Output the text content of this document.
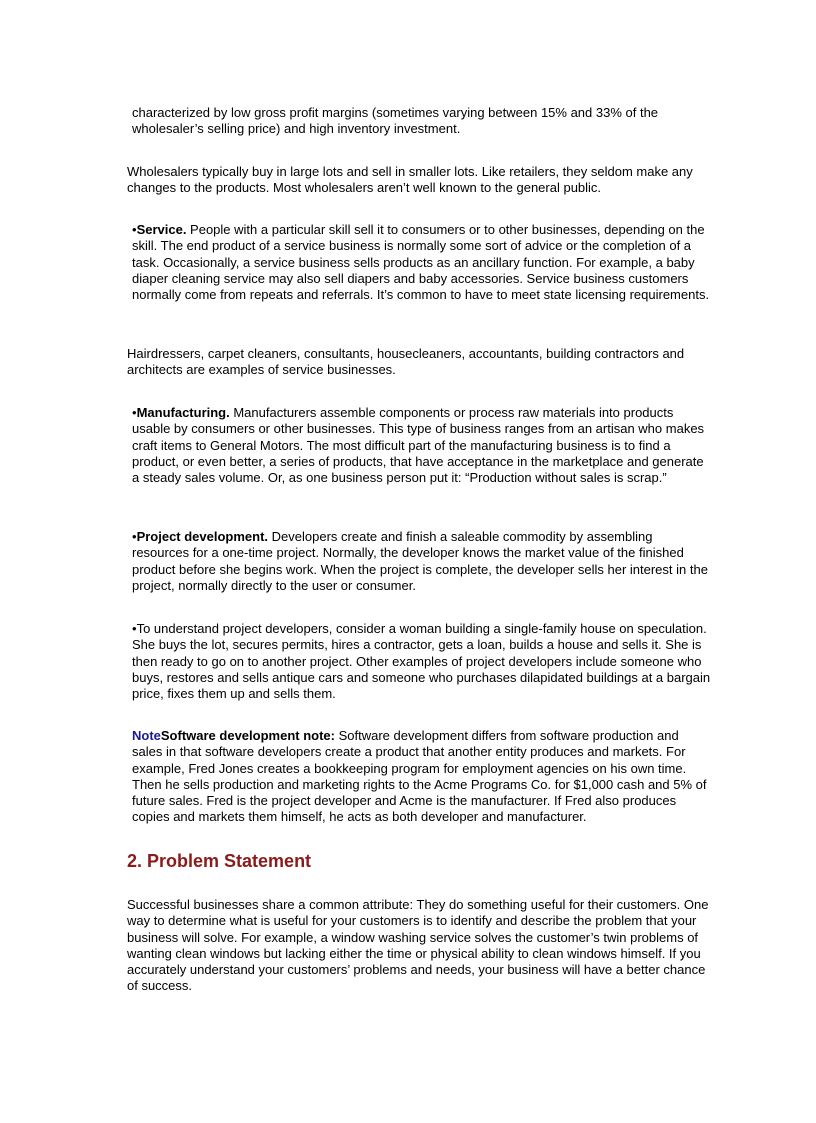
characterized by low gross profit margins (sometimes varying between 15% and 33% of the wholesaler’s selling price) and high inventory investment.

Wholesalers typically buy in large lots and sell in smaller lots. Like retailers, they seldom make any changes to the products. Most wholesalers aren’t well known to the general public.

•Service. People with a particular skill sell it to consumers or to other businesses, depending on the skill. The end product of a service business is normally some sort of advice or the completion of a task. Occasionally, a service business sells products as an ancillary function. For example, a baby diaper cleaning service may also sell diapers and baby accessories. Service business customers normally come from repeats and referrals. It’s common to have to meet state licensing requirements.

Hairdressers, carpet cleaners, consultants, housecleaners, accountants, building contractors and architects are examples of service businesses.

•Manufacturing. Manufacturers assemble components or process raw materials into products usable by consumers or other businesses. This type of business ranges from an artisan who makes craft items to General Motors. The most difficult part of the manufacturing business is to find a product, or even better, a series of products, that have acceptance in the marketplace and generate a steady sales volume. Or, as one business person put it: “Production without sales is scrap.”

•Project development. Developers create and finish a saleable commodity by assembling resources for a one-time project. Normally, the developer knows the market value of the finished product before she begins work. When the project is complete, the developer sells her interest in the project, normally directly to the user or consumer.

•To understand project developers, consider a woman building a single-family house on speculation. She buys the lot, secures permits, hires a contractor, gets a loan, builds a house and sells it. She is then ready to go on to another project. Other examples of project developers include someone who buys, restores and sells antique cars and someone who purchases dilapidated buildings at a bargain price, fixes them up and sells them.

NoteSoftware development note: Software development differs from software production and sales in that software developers create a product that another entity produces and markets. For example, Fred Jones creates a bookkeeping program for employment agencies on his own time. Then he sells production and marketing rights to the Acme Programs Co. for $1,000 cash and 5% of future sales. Fred is the project developer and Acme is the manufacturer. If Fred also produces copies and markets them himself, he acts as both developer and manufacturer.

2. Problem Statement

Successful businesses share a common attribute: They do something useful for their customers. One way to determine what is useful for your customers is to identify and describe the problem that your business will solve. For example, a window washing service solves the customer’s twin problems of wanting clean windows but lacking either the time or physical ability to clean windows himself. If you accurately understand your customers’ problems and needs, your business will have a better chance of success.
